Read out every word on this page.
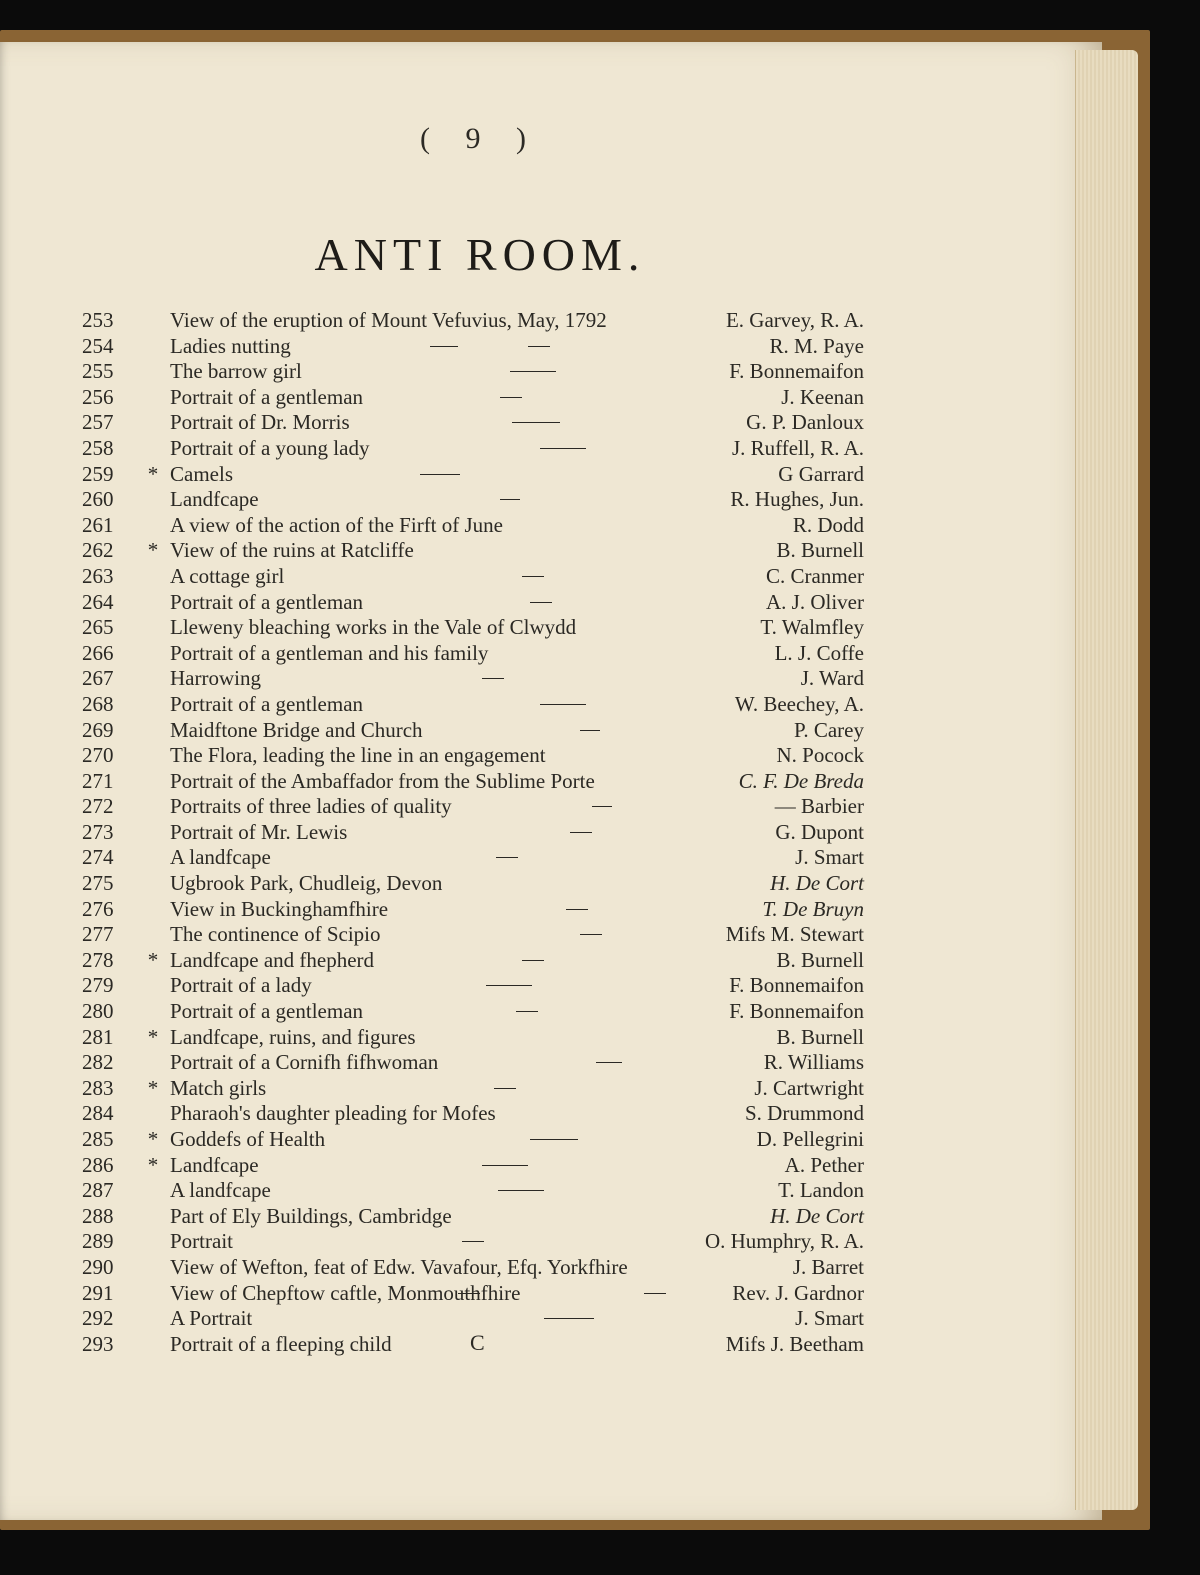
( 9 )
ANTI ROOM.
253	View of the eruption of Mount Vefuvius, May, 1792	E. Garvey, R. A.
254	Ladies nutting	R. M. Paye
255	The barrow girl	F. Bonnemaifon
256	Portrait of a gentleman	J. Keenan
257	Portrait of Dr. Morris	G. P. Danloux
258	Portrait of a young lady	J. Ruffell, R. A.
259	* Camels	G Garrard
260	Landfcape	R. Hughes, Jun.
261	A view of the action of the Firft of June	R. Dodd
262	* View of the ruins at Ratcliffe	B. Burnell
263	A cottage girl	C. Cranmer
264	Portrait of a gentleman	A. J. Oliver
265	Lleweny bleaching works in the Vale of Clwydd	T. Walmfley
266	Portrait of a gentleman and his family	L. J. Coffe
267	Harrowing	J. Ward
268	Portrait of a gentleman	W. Beechey, A.
269	Maidftone Bridge and Church	P. Carey
270	The Flora, leading the line in an engagement	N. Pocock
271	Portrait of the Ambaffador from the Sublime Porte	C. F. De Breda
272	Portraits of three ladies of quality	— Barbier
273	Portrait of Mr. Lewis	G. Dupont
274	A landfcape	J. Smart
275	Ugbrook Park, Chudleig, Devon	H. De Cort
276	View in Buckinghamfhire	T. De Bruyn
277	The continence of Scipio	Mifs M. Stewart
278	* Landfcape and fhepherd	B. Burnell
279	Portrait of a lady	F. Bonnemaifon
280	Portrait of a gentleman	F. Bonnemaifon
281	* Landfcape, ruins, and figures	B. Burnell
282	Portrait of a Cornifh fifhwoman	R. Williams
283	* Match girls	J. Cartwright
284	Pharaoh's daughter pleading for Mofes	S. Drummond
285	* Goddefs of Health	D. Pellegrini
286	* Landfcape	A. Pether
287	A landfcape	T. Landon
288	Part of Ely Buildings, Cambridge	H. De Cort
289	Portrait	O. Humphry, R. A.
290	View of Wefton, feat of Edw. Vavafour, Efq. Yorkfhire	J. Barret
291	View of Chepftow caftle, Monmouthfhire	Rev. J. Gardnor
292	A Portrait	J. Smart
293	Portrait of a fleeping child	Mifs J. Beetham
C
